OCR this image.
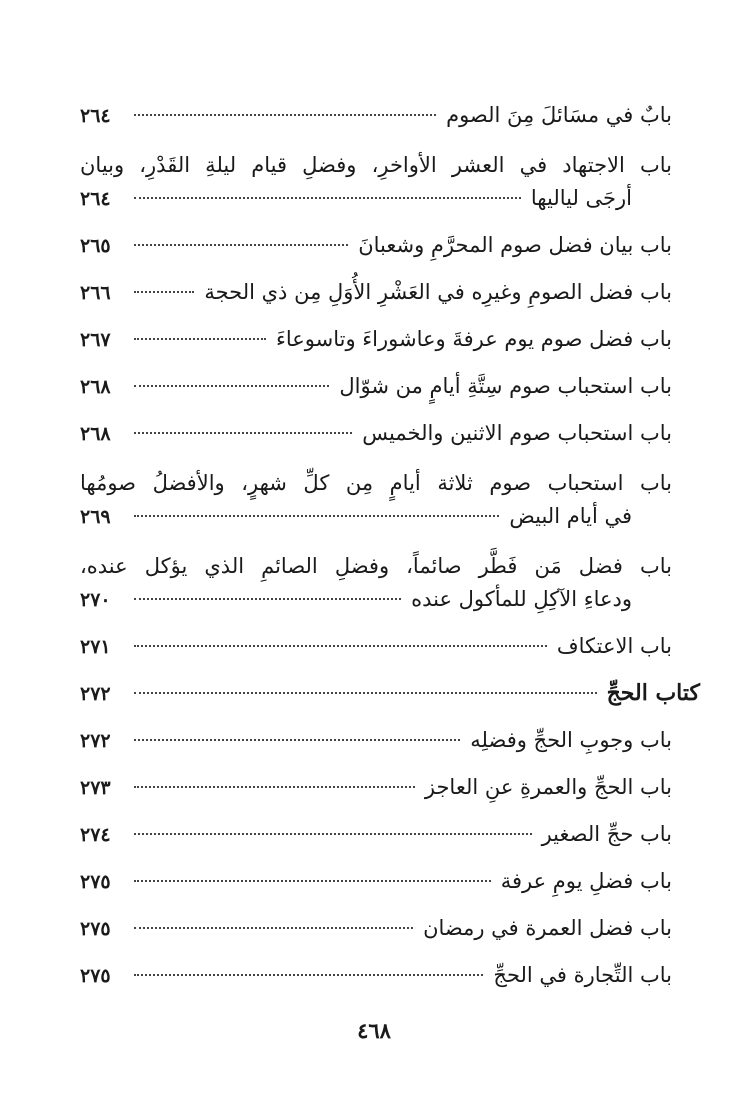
بابٌ في مسَائلَ مِنَ الصوم
٢٦٤
باب الاجتهاد في العشر الأواخرِ، وفضلِ قيام ليلةِ القَدْرِ، وبيان
أرجَى لياليها
٢٦٤
باب بيان فضل صوم المحرَّمِ وشعبانَ
٢٦٥
باب فضل الصومِ وغيرِه في العَشْرِ الأُوَلِ مِن ذي الحجة
٢٦٦
باب فضل صوم يوم عرفةَ وعاشوراءَ وتاسوعاءَ
٢٦٧
باب استحباب صوم سِتَّةِ أيامٍ من شوّال
٢٦٨
باب استحباب صوم الاثنين والخميس
٢٦٨
باب استحباب صوم ثلاثة أيامٍ مِن كلِّ شهرٍ، والأفضلُ صومُها
في أيام البيض
٢٦٩
باب فضل مَن فَطَّر صائماً، وفضلِ الصائمِ الذي يؤكل عنده،
ودعاءِ الآكِلِ للمأكول عنده
٢٧٠
باب الاعتكاف
٢٧١
كتاب الحجِّ
٢٧٢
باب وجوبِ الحجِّ وفضلِه
٢٧٢
باب الحجِّ والعمرةِ عنِ العاجز
٢٧٣
باب حجِّ الصغير
٢٧٤
باب فضلِ يومِ عرفة
٢٧٥
باب فضل العمرة في رمضان
٢٧٥
باب التِّجارة في الحجِّ
٢٧٥
٤٦٨
